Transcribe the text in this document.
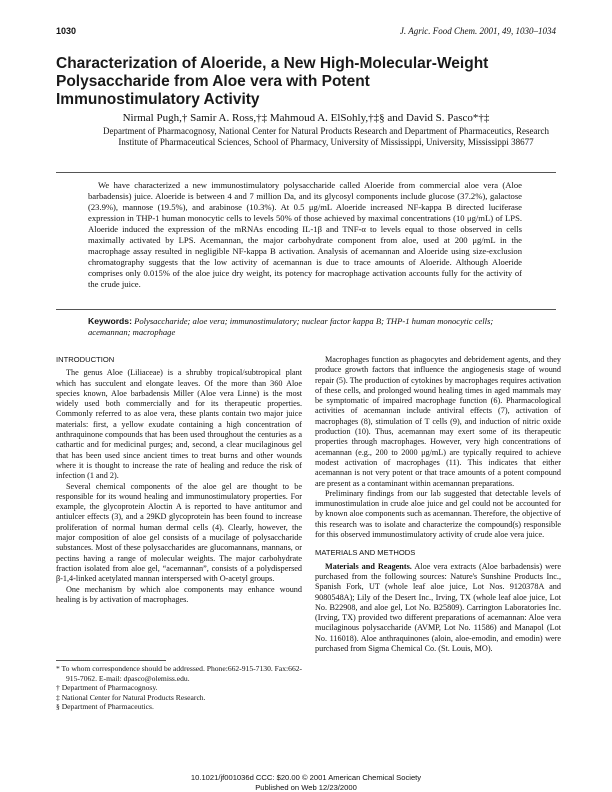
1030	J. Agric. Food Chem. 2001, 49, 1030–1034
Characterization of Aloeride, a New High-Molecular-Weight Polysaccharide from Aloe vera with Potent Immunostimulatory Activity
Nirmal Pugh,† Samir A. Ross,†‡ Mahmoud A. ElSohly,†‡§ and David S. Pasco*†‡
Department of Pharmacognosy, National Center for Natural Products Research and Department of Pharmaceutics, Research Institute of Pharmaceutical Sciences, School of Pharmacy, University of Mississippi, University, Mississippi 38677
We have characterized a new immunostimulatory polysaccharide called Aloeride from commercial aloe vera (Aloe barbadensis) juice. Aloeride is between 4 and 7 million Da, and its glycosyl components include glucose (37.2%), galactose (23.9%), mannose (19.5%), and arabinose (10.3%). At 0.5 μg/mL Aloeride increased NF-kappa B directed luciferase expression in THP-1 human monocytic cells to levels 50% of those achieved by maximal concentrations (10 μg/mL) of LPS. Aloeride induced the expression of the mRNAs encoding IL-1β and TNF-α to levels equal to those observed in cells maximally activated by LPS. Acemannan, the major carbohydrate component from aloe, used at 200 μg/mL in the macrophage assay resulted in negligible NF-kappa B activation. Analysis of acemannan and Aloeride using size-exclusion chromatography suggests that the low activity of acemannan is due to trace amounts of Aloeride. Although Aloeride comprises only 0.015% of the aloe juice dry weight, its potency for macrophage activation accounts fully for the activity of the crude juice.
Keywords: Polysaccharide; aloe vera; immunostimulatory; nuclear factor kappa B; THP-1 human monocytic cells; acemannan; macrophage
INTRODUCTION

The genus Aloe (Liliaceae) is a shrubby tropical/subtropical plant which has succulent and elongate leaves. Of the more than 360 Aloe species known, Aloe barbadensis Miller (Aloe vera Linne) is the most widely used both commercially and for its therapeutic properties. Commonly referred to as aloe vera, these plants contain two major juice materials: first, a yellow exudate containing a high concentration of anthraquinone compounds that has been used throughout the centuries as a cathartic and for medicinal purges; and, second, a clear mucilaginous gel that has been used since ancient times to treat burns and other wounds where it is thought to increase the rate of healing and reduce the risk of infection (1 and 2).

Several chemical components of the aloe gel are thought to be responsible for its wound healing and immunostimulatory properties. For example, the glycoprotein Aloctin A is reported to have antitumor and antiulcer effects (3), and a 29KD glycoprotein has been found to increase proliferation of normal human dermal cells (4). Clearly, however, the major composition of aloe gel consists of a mucilage of polysaccharide substances. Most of these polysaccharides are glucomannans, mannans, or pectins having a range of molecular weights. The major carbohydrate fraction isolated from aloe gel, “acemannan”, consists of a polydispersed β-1,4-linked acetylated mannan interspersed with O-acetyl groups.

One mechanism by which aloe components may enhance wound healing is by activation of macrophages.

Macrophages function as phagocytes and debridement agents, and they produce growth factors that influence the angiogenesis stage of wound repair (5). The production of cytokines by macrophages requires activation of these cells, and prolonged wound healing times in aged mammals may be symptomatic of impaired macrophage function (6). Pharmacological activities of acemannan include antiviral effects (7), activation of macrophages (8), stimulation of T cells (9), and induction of nitric oxide production (10). Thus, acemannan may exert some of its therapeutic properties through macrophages. However, very high concentrations of acemannan (e.g., 200 to 2000 μg/mL) are typically required to achieve modest activation of macrophages (11). This indicates that either acemannan is not very potent or that trace amounts of a potent compound are present as a contaminant within acemannan preparations.

Preliminary findings from our lab suggested that detectable levels of immunostimulation in crude aloe juice and gel could not be accounted for by known aloe components such as acemannan. Therefore, the objective of this research was to isolate and characterize the compound(s) responsible for this observed immunostimulatory activity of crude aloe vera juice.

MATERIALS AND METHODS

Materials and Reagents. Aloe vera extracts (Aloe barbadensis) were purchased from the following sources: Nature's Sunshine Products Inc., Spanish Fork, UT (whole leaf aloe juice, Lot Nos. 9120378A and 9080548A); Lily of the Desert Inc., Irving, TX (whole leaf aloe juice, Lot No. B22908, and aloe gel, Lot No. B25809). Carrington Laboratories Inc. (Irving, TX) provided two different preparations of acemannan: Aloe vera mucilaginous polysaccharide (AVMP, Lot No. 11586) and Manapol (Lot No. 116018). Aloe anthraquinones (aloin, aloe-emodin, and emodin) were purchased from Sigma Chemical Co. (St. Louis, MO).

* To whom correspondence should be addressed. Phone:662-915-7130. Fax:662-915-7062. E-mail: dpasco@olemiss.edu.

† Department of Pharmacognosy.

‡ National Center for Natural Products Research.

§ Department of Pharmaceutics.

10.1021/jf001036d CCC: $20.00 © 2001 American Chemical Society
Published on Web 12/23/2000
